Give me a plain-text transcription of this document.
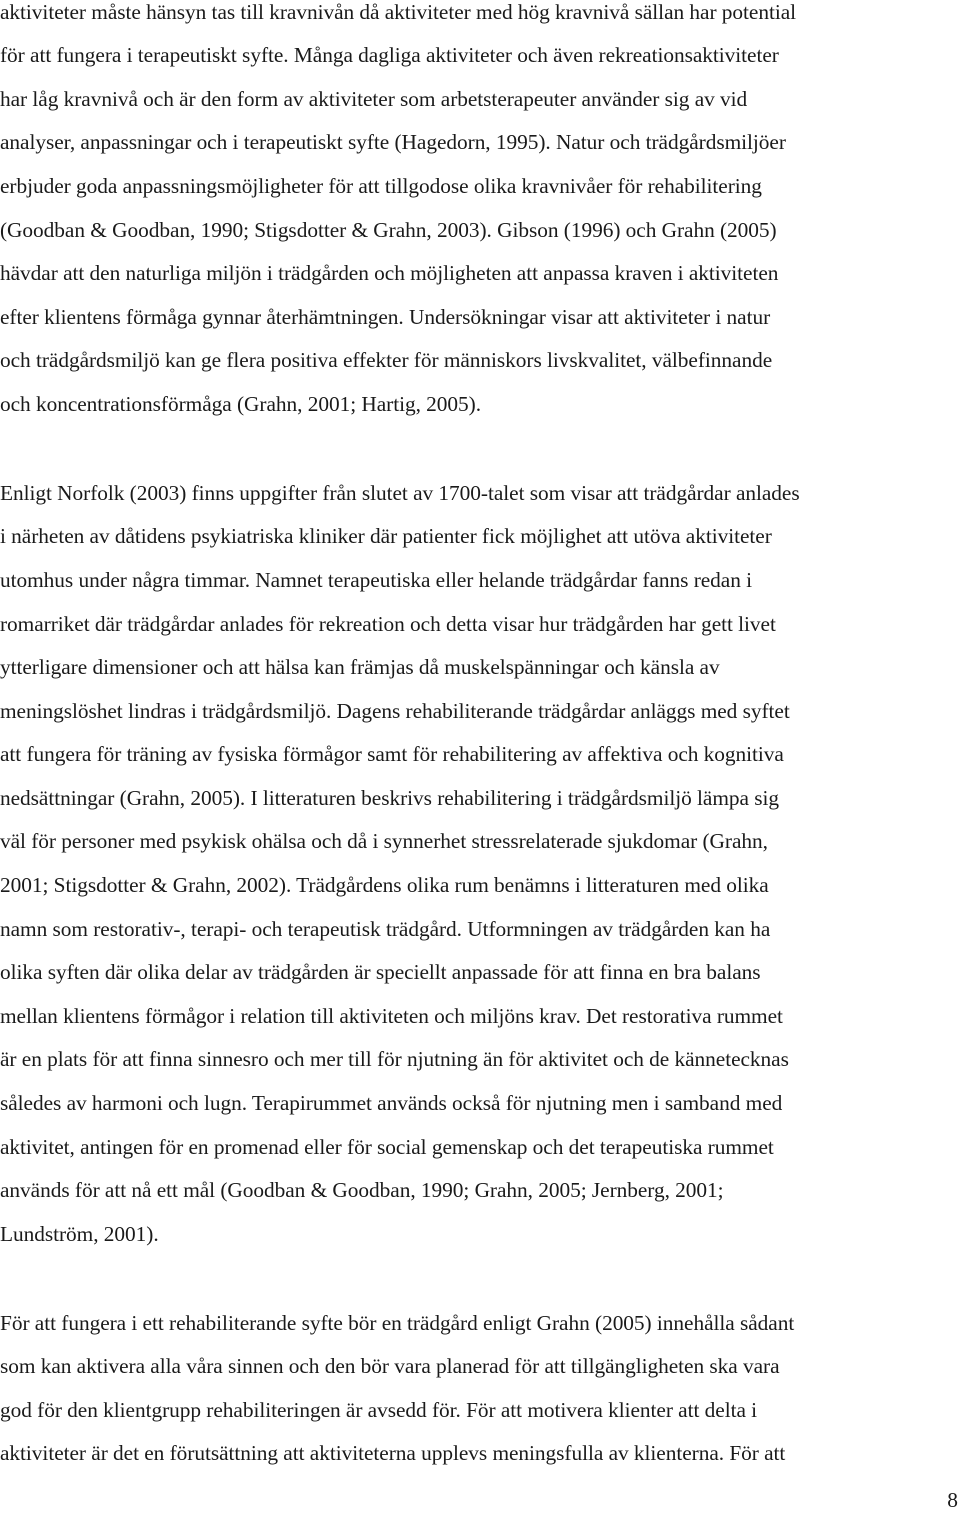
aktiviteter måste hänsyn tas till kravnivån då aktiviteter med hög kravnivå sällan har potential
för att fungera i terapeutiskt syfte. Många dagliga aktiviteter och även rekreationsaktiviteter
har låg kravnivå och är den form av aktiviteter som arbetsterapeuter använder sig av vid
analyser, anpassningar och i terapeutiskt syfte (Hagedorn, 1995). Natur och trädgårdsmiljöer
erbjuder goda anpassningsmöjligheter för att tillgodose olika kravnivåer för rehabilitering
(Goodban & Goodban, 1990; Stigsdotter & Grahn, 2003). Gibson (1996) och Grahn (2005)
hävdar att den naturliga miljön i trädgården och möjligheten att anpassa kraven i aktiviteten
efter klientens förmåga gynnar återhämtningen. Undersökningar visar att aktiviteter i natur
och trädgårdsmiljö kan ge flera positiva effekter för människors livskvalitet, välbefinnande
och koncentrationsförmåga (Grahn, 2001; Hartig, 2005).
Enligt Norfolk (2003) finns uppgifter från slutet av 1700-talet som visar att trädgårdar anlades
i närheten av dåtidens psykiatriska kliniker där patienter fick möjlighet att utöva aktiviteter
utomhus under några timmar. Namnet terapeutiska eller helande trädgårdar fanns redan i
romarriket där trädgårdar anlades för rekreation och detta visar hur trädgården har gett livet
ytterligare dimensioner och att hälsa kan främjas då muskelspänningar och känsla av
meningslöshet lindras i trädgårdsmiljö. Dagens rehabiliterande trädgårdar anläggs med syftet
att fungera för träning av fysiska förmågor samt för rehabilitering av affektiva och kognitiva
nedsättningar (Grahn, 2005). I litteraturen beskrivs rehabilitering i trädgårdsmiljö lämpa sig
väl för personer med psykisk ohälsa och då i synnerhet stressrelaterade sjukdomar (Grahn,
2001; Stigsdotter & Grahn, 2002). Trädgårdens olika rum benämns i litteraturen med olika
namn som restorativ-, terapi- och terapeutisk trädgård. Utformningen av trädgården kan ha
olika syften där olika delar av trädgården är speciellt anpassade för att finna en bra balans
mellan klientens förmågor i relation till aktiviteten och miljöns krav. Det restorativa rummet
är en plats för att finna sinnesro och mer till för njutning än för aktivitet och de kännetecknas
således av harmoni och lugn. Terapirummet används också för njutning men i samband med
aktivitet, antingen för en promenad eller för social gemenskap och det terapeutiska rummet
används för att nå ett mål (Goodban & Goodban, 1990; Grahn, 2005; Jernberg, 2001;
Lundström, 2001).
För att fungera i ett rehabiliterande syfte bör en trädgård enligt Grahn (2005) innehålla sådant
som kan aktivera alla våra sinnen och den bör vara planerad för att tillgängligheten ska vara
god för den klientgrupp rehabiliteringen är avsedd för. För att motivera klienter att delta i
aktiviteter är det en förutsättning att aktiviteterna upplevs meningsfulla av klienterna. För att
8
